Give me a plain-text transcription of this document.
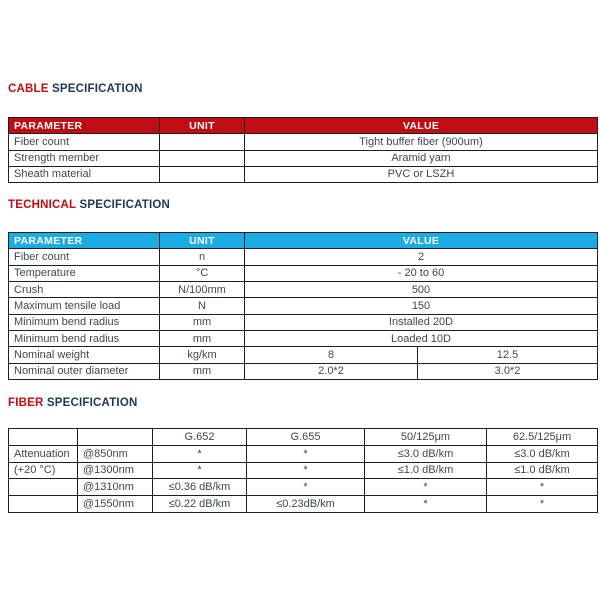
CABLE SPECIFICATION
PARAMETER	UNIT	VALUE
Fiber count		Tight buffer fiber (900um)
Strength member		Aramid yarn
Sheath material		PVC or LSZH
TECHNICAL SPECIFICATION
PARAMETER	UNIT	VALUE	
Fiber count	n	2	
Temperature	°C	- 20 to 60	
Crush	N/100mm	500	
Maximum tensile load	N	150	
Minimum bend radius	mm	Installed 20D	
Minimum bend radius	mm	Loaded 10D	
Nominal weight	kg/km	8	12.5
Nominal outer diameter	mm	2.0*2	3.0*2
FIBER SPECIFICATION
		G.652	G.655	50/125μm	62.5/125μm
Attenuation	@850nm	*	*	≤3.0 dB/km	≤3.0 dB/km
(+20 °C)	@1300nm	*	*	≤1.0 dB/km	≤1.0 dB/km
	@1310nm	≤0.36 dB/km	*	*	*
	@1550nm	≤0.22 dB/km	≤0.23dB/km	*	*
